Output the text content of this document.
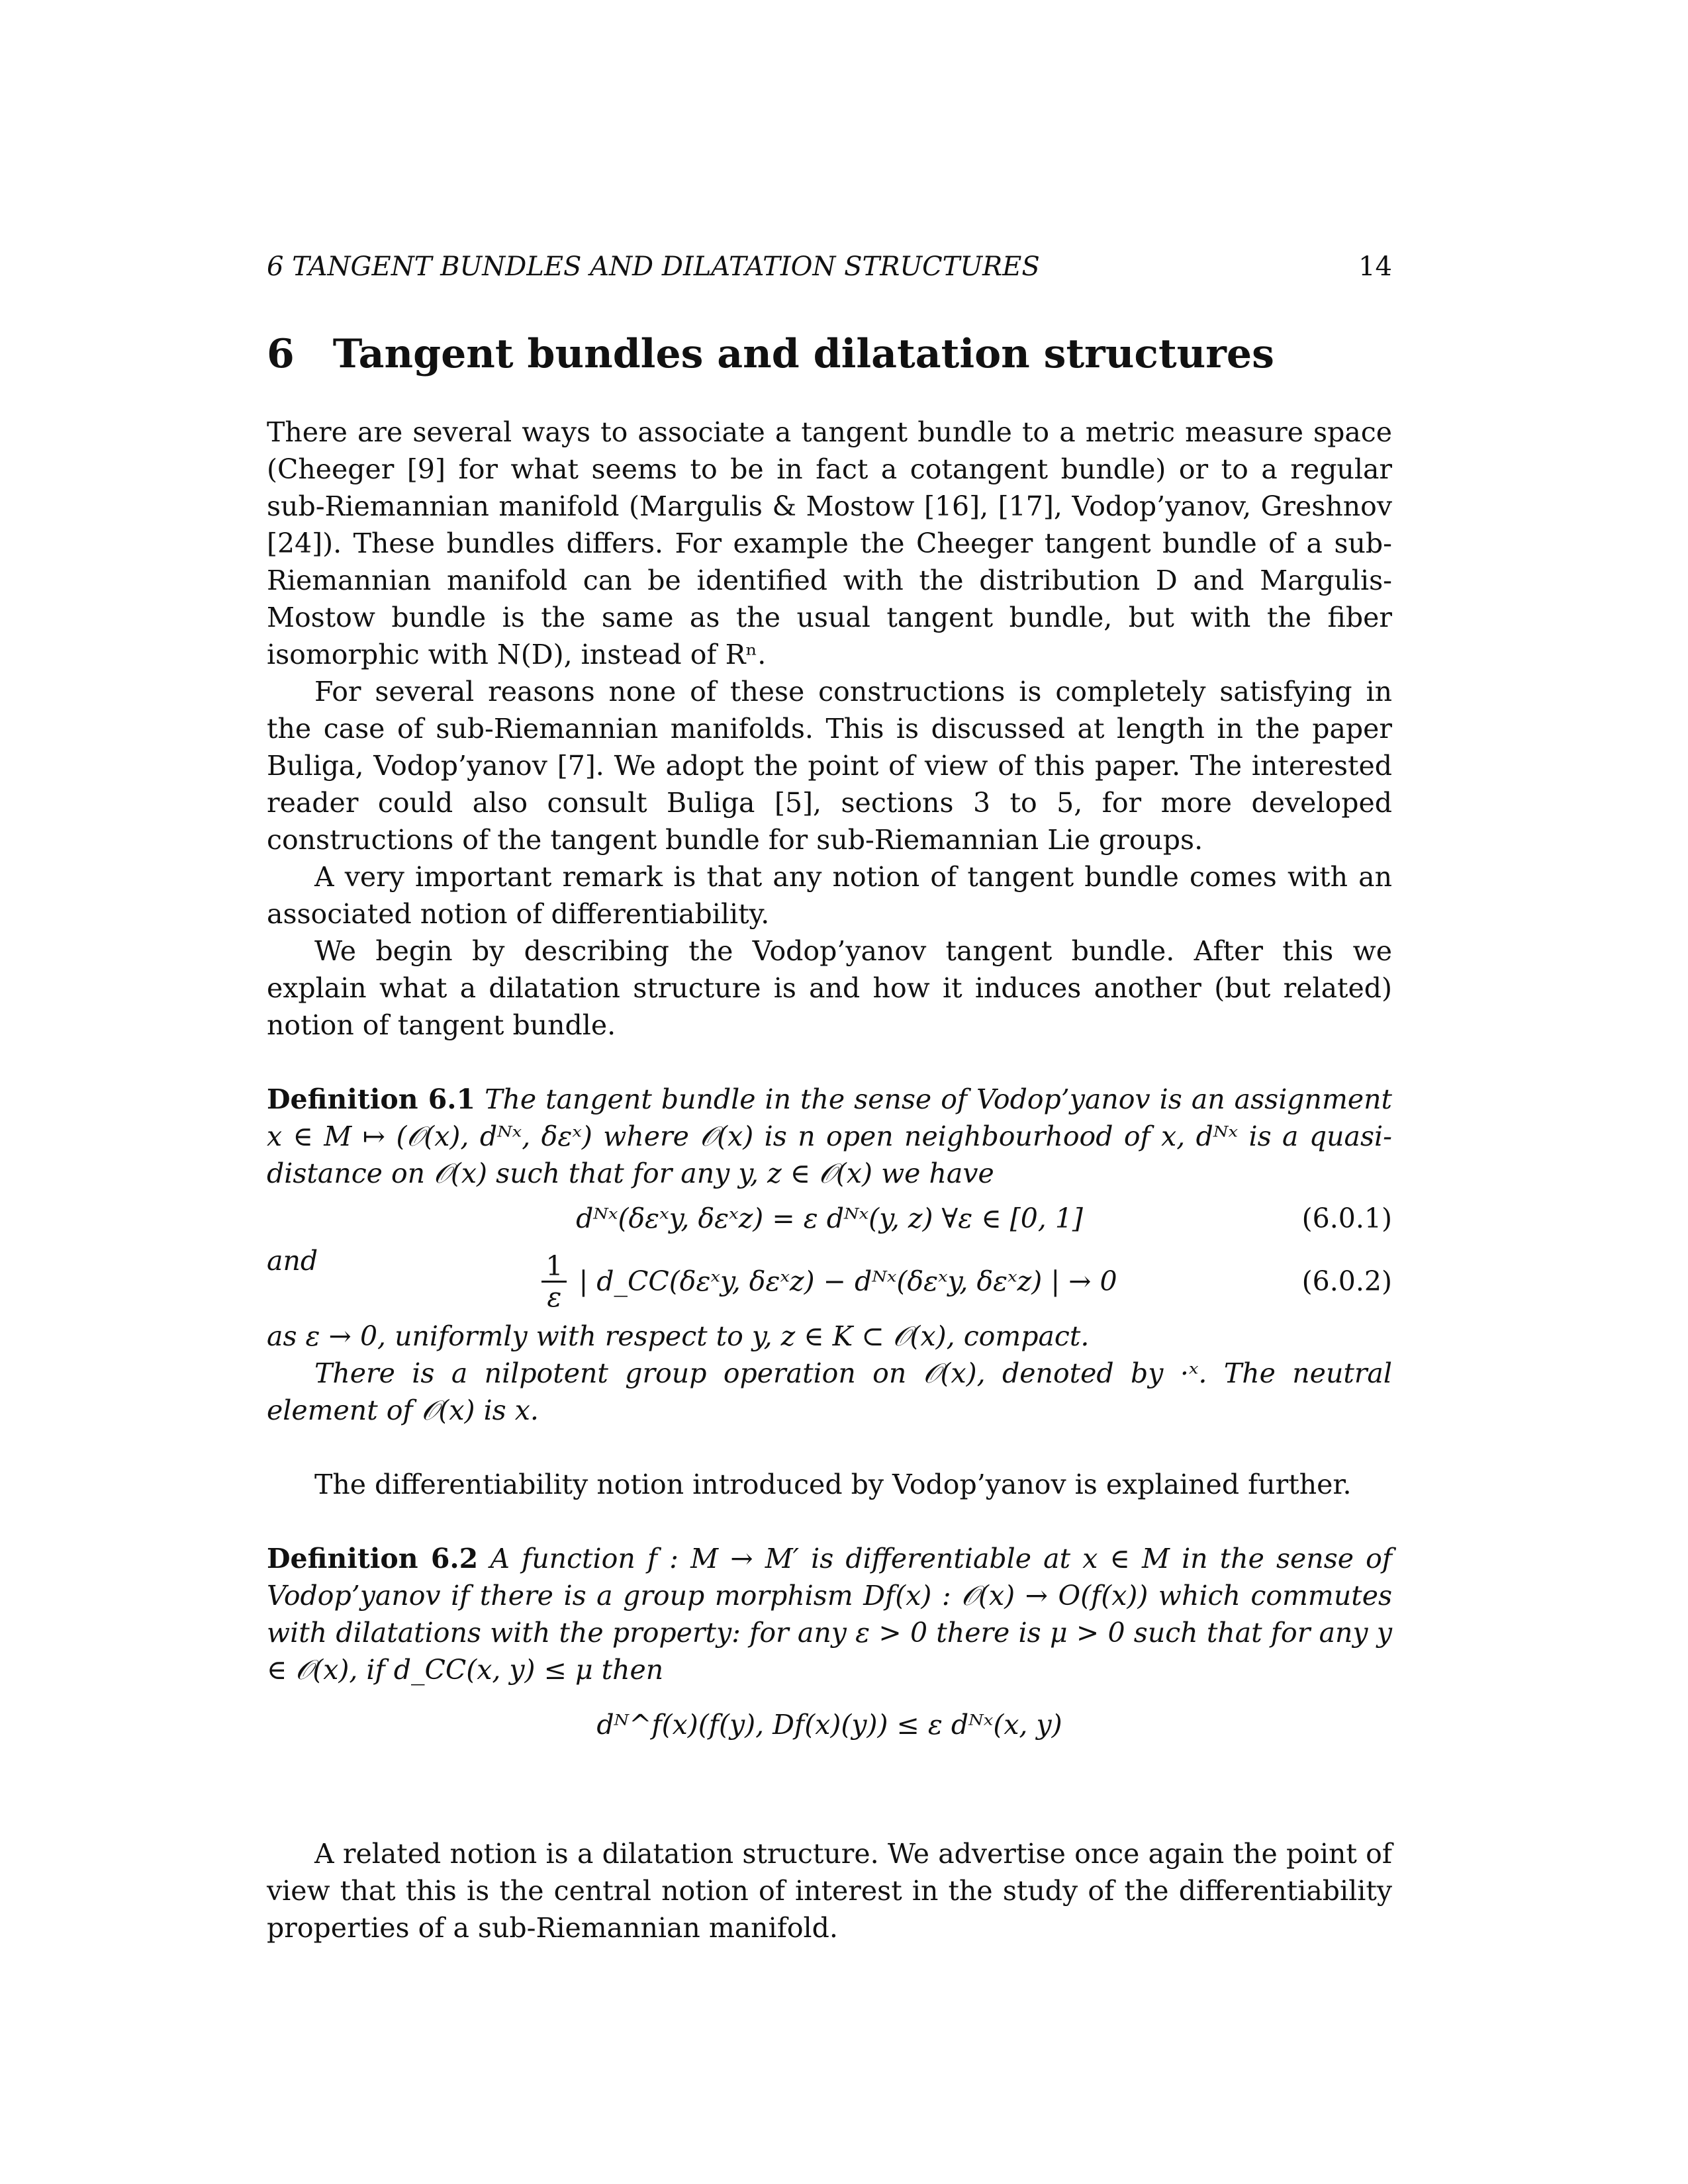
6 TANGENT BUNDLES AND DILATATION STRUCTURES	14
6 Tangent bundles and dilatation structures

There are several ways to associate a tangent bundle to a metric measure space (Cheeger [9] for what seems to be in fact a cotangent bundle) or to a regular sub-Riemannian manifold (Margulis & Mostow [16], [17], Vodop’yanov, Greshnov [24]). These bundles differs. For example the Cheeger tangent bundle of a sub-Riemannian manifold can be identified with the distribution D and Margulis-Mostow bundle is the same as the usual tangent bundle, but with the fiber isomorphic with N(D), instead of Rⁿ.

For several reasons none of these constructions is completely satisfying in the case of sub-Riemannian manifolds. This is discussed at length in the paper Buliga, Vodop’yanov [7]. We adopt the point of view of this paper. The interested reader could also consult Buliga [5], sections 3 to 5, for more developed constructions of the tangent bundle for sub-Riemannian Lie groups.

A very important remark is that any notion of tangent bundle comes with an associated notion of differentiability.

We begin by describing the Vodop’yanov tangent bundle. After this we explain what a dilatation structure is and how it induces another (but related) notion of tangent bundle.

Definition 6.1 The tangent bundle in the sense of Vodop’yanov is an assignment x ∈ M ↦ (𝒪(x), dᴺˣ, δεˣ) where 𝒪(x) is n open neighbourhood of x, dᴺˣ is a quasi-distance on 𝒪(x) such that for any y, z ∈ 𝒪(x) we have

dᴺˣ(δεˣy, δεˣz) = ε dᴺˣ(y, z) ∀ε ∈ [0, 1]	(6.0.1)
and	$\frac{1}{\varepsilon}$ | d_CC(δεˣy, δεˣz) − dᴺˣ(δεˣy, δεˣz) | → 0	(6.0.2)

as ε → 0, uniformly with respect to y, z ∈ K ⊂ 𝒪(x), compact.

There is a nilpotent group operation on 𝒪(x), denoted by ·ˣ. The neutral element of 𝒪(x) is x.

The differentiability notion introduced by Vodop’yanov is explained further.

Definition 6.2 A function f : M → M′ is differentiable at x ∈ M in the sense of Vodop’yanov if there is a group morphism Df(x) : 𝒪(x) → O(f(x)) which commutes with dilatations with the property: for any ε > 0 there is μ > 0 such that for any y ∈ 𝒪(x), if d_CC(x, y) ≤ μ then

dᴺ^f(x)(f(y), Df(x)(y)) ≤ ε dᴺˣ(x, y)

A related notion is a dilatation structure. We advertise once again the point of view that this is the central notion of interest in the study of the differentiability properties of a sub-Riemannian manifold.
